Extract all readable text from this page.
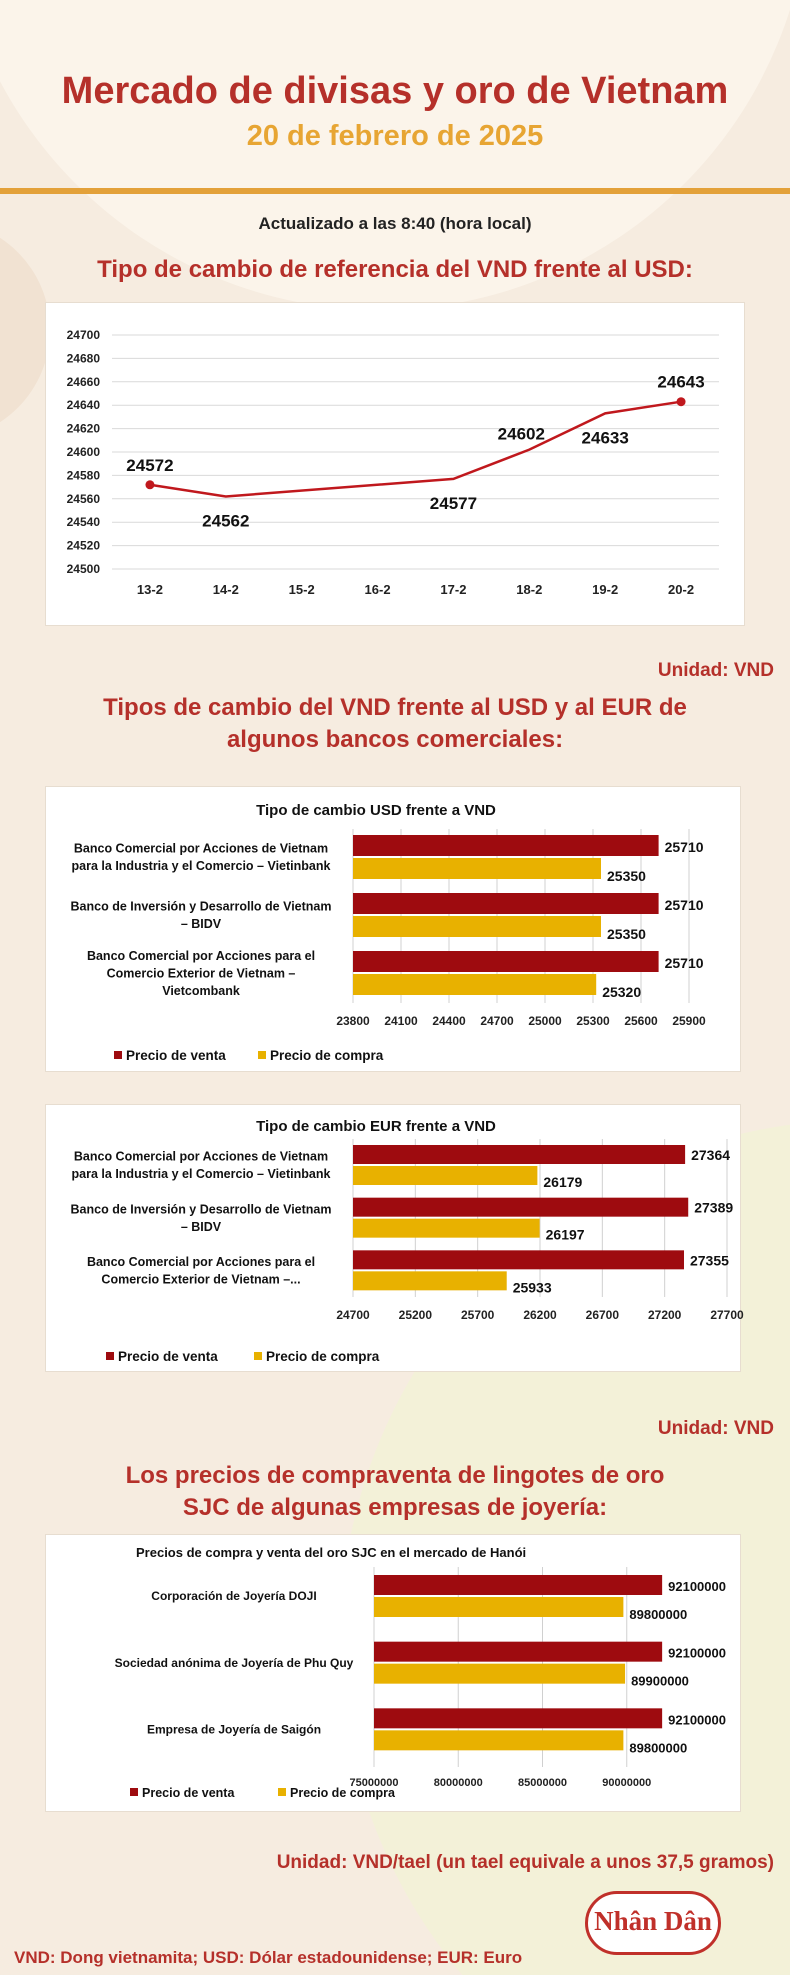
Mercado de divisas y oro de Vietnam
20 de febrero de 2025
Actualizado a las 8:40 (hora local)
Tipo de cambio de referencia del VND frente al USD:
24500
24520
24540
24560
24580
24600
24620
24640
24660
24680
24700
13-2	14-2	15-2	16-2	17-2	18-2	19-2	20-2
24572
24562
24577
24602 24633
24643
Unidad: VND
Tipos de cambio del VND frente al USD y al EUR de
algunos bancos comerciales:
Tipo de cambio USD frente a VND
23800 24100 24400 24700 25000 25300 25600 25900
25710
25350
Banco Comercial por Acciones de Vietnam
para la Industria y el Comercio – Vietinbank
25710
25350
Banco de Inversión y Desarrollo de Vietnam
– BIDV
25710
25320
Banco Comercial por Acciones para el
Comercio Exterior de Vietnam –
Vietcombank
Precio de venta	Precio de compra
Tipo de cambio EUR frente a VND
24700 25200 25700 26200 26700 27200 27700
27364
26179
Banco Comercial por Acciones de Vietnam
para la Industria y el Comercio – Vietinbank
27389
26197
Banco de Inversión y Desarrollo de Vietnam
– BIDV
27355
25933
Banco Comercial por Acciones para el
Comercio Exterior de Vietnam –...
Precio de venta	Precio de compra
Unidad: VND
Los precios de compraventa de lingotes de oro
SJC de algunas empresas de joyería:
Precios de compra y venta del oro SJC en el mercado de Hanói
75000000	80000000	85000000	90000000
92100000
89800000
Corporación de Joyería DOJI
92100000
89900000
Sociedad anónima de Joyería de Phu Quy
92100000
89800000
Empresa de Joyería de Saigón
Precio de venta	Precio de compra
Unidad: VND/tael (un tael equivale a unos 37,5 gramos)
VND: Dong vietnamita; USD: Dólar estadounidense; EUR: Euro
Nhân Dân
